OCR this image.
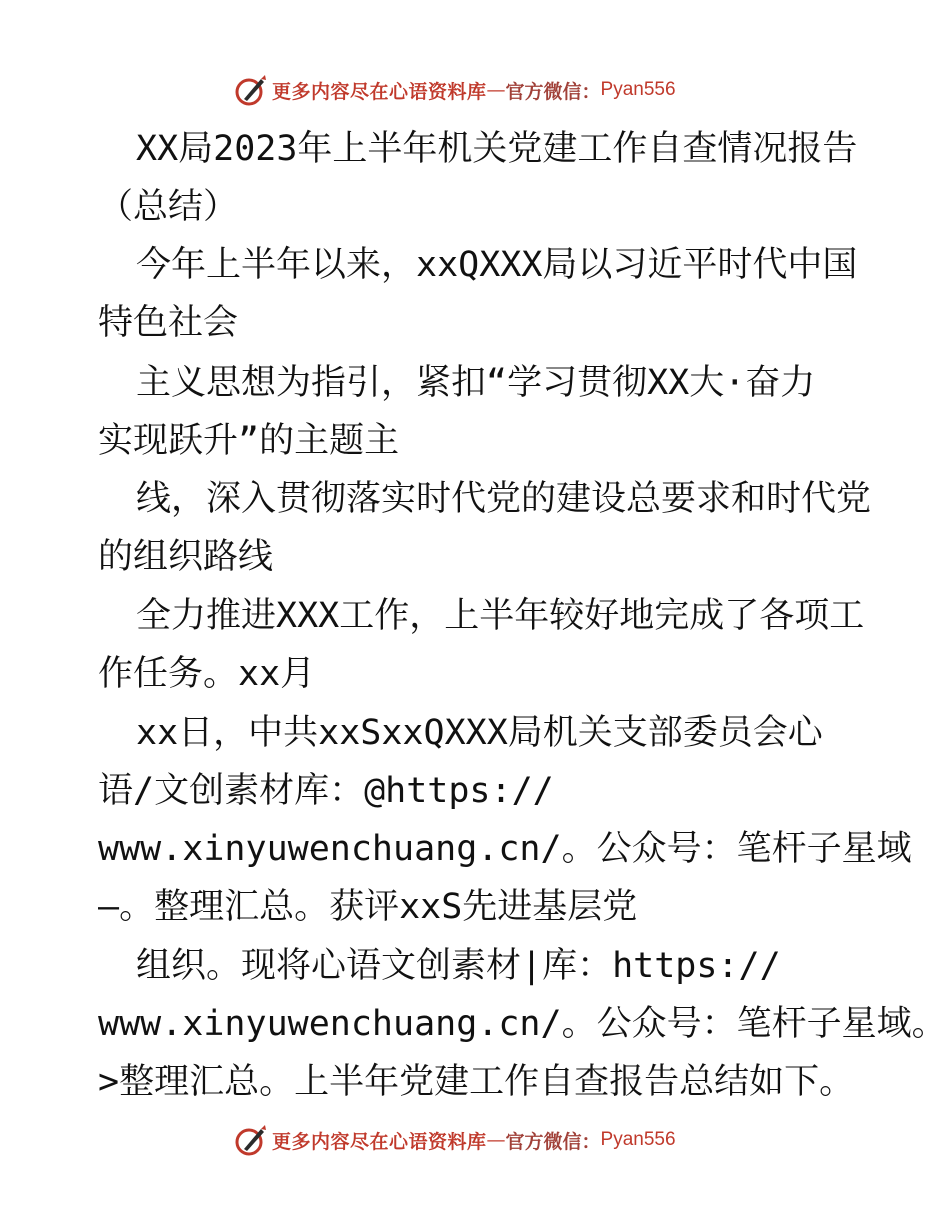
更多内容尽在心语资料库 — 官方微信： Pyan556
XX局2023年上半年机关党建工作自查情况报告
（总结）
今年上半年以来，xxQXXX局以习近平时代中国
特色社会
主义思想为指引，紧扣“学习贯彻XX大·奋力
实现跃升”的主题主
线，深入贯彻落实时代党的建设总要求和时代党
的组织路线
全力推进XXX工作，上半年较好地完成了各项工
作任务。xx月
xx日，中共xxSxxQXXX局机关支部委员会心
语/文创素材库：@https://
www.xinyuwenchuang.cn/。公众号：笔杆子星域
—。整理汇总。获评xxS先进基层党
组织。现将心语文创素材|库：https://
www.xinyuwenchuang.cn/。公众号：笔杆子星域。
>整理汇总。上半年党建工作自查报告总结如下。
更多内容尽在心语资料库 — 官方微信： Pyan556
